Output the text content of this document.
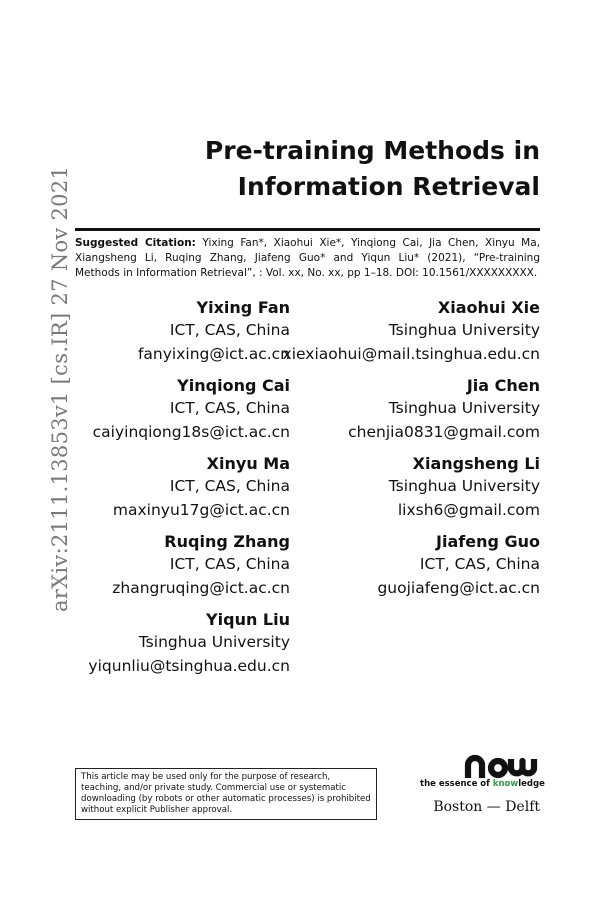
arXiv:2111.13853v1 [cs.IR] 27 Nov 2021
Pre-training Methods in
Information Retrieval
Suggested Citation: Yixing Fan*, Xiaohui Xie*, Yinqiong Cai, Jia Chen, Xinyu Ma, Xiangsheng Li, Ruqing Zhang, Jiafeng Guo* and Yiqun Liu* (2021), “Pre-training Methods in Information Retrieval”, : Vol. xx, No. xx, pp 1–18. DOI: 10.1561/XXXXXXXXX.
Yixing Fan
ICT, CAS, China
fanyixing@ict.ac.cn
Yinqiong Cai
ICT, CAS, China
caiyinqiong18s@ict.ac.cn
Xinyu Ma
ICT, CAS, China
maxinyu17g@ict.ac.cn
Ruqing Zhang
ICT, CAS, China
zhangruqing@ict.ac.cn
Yiqun Liu
Tsinghua University
yiqunliu@tsinghua.edu.cn
Xiaohui Xie
Tsinghua University
xiexiaohui@mail.tsinghua.edu.cn
Jia Chen
Tsinghua University
chenjia0831@gmail.com
Xiangsheng Li
Tsinghua University
lixsh6@gmail.com
Jiafeng Guo
ICT, CAS, China
guojiafeng@ict.ac.cn
This article may be used only for the purpose of research, teaching, and/or private study. Commercial use or systematic downloading (by robots or other automatic processes) is prohibited without explicit Publisher approval.
the essence of knowledge
Boston — Delft
